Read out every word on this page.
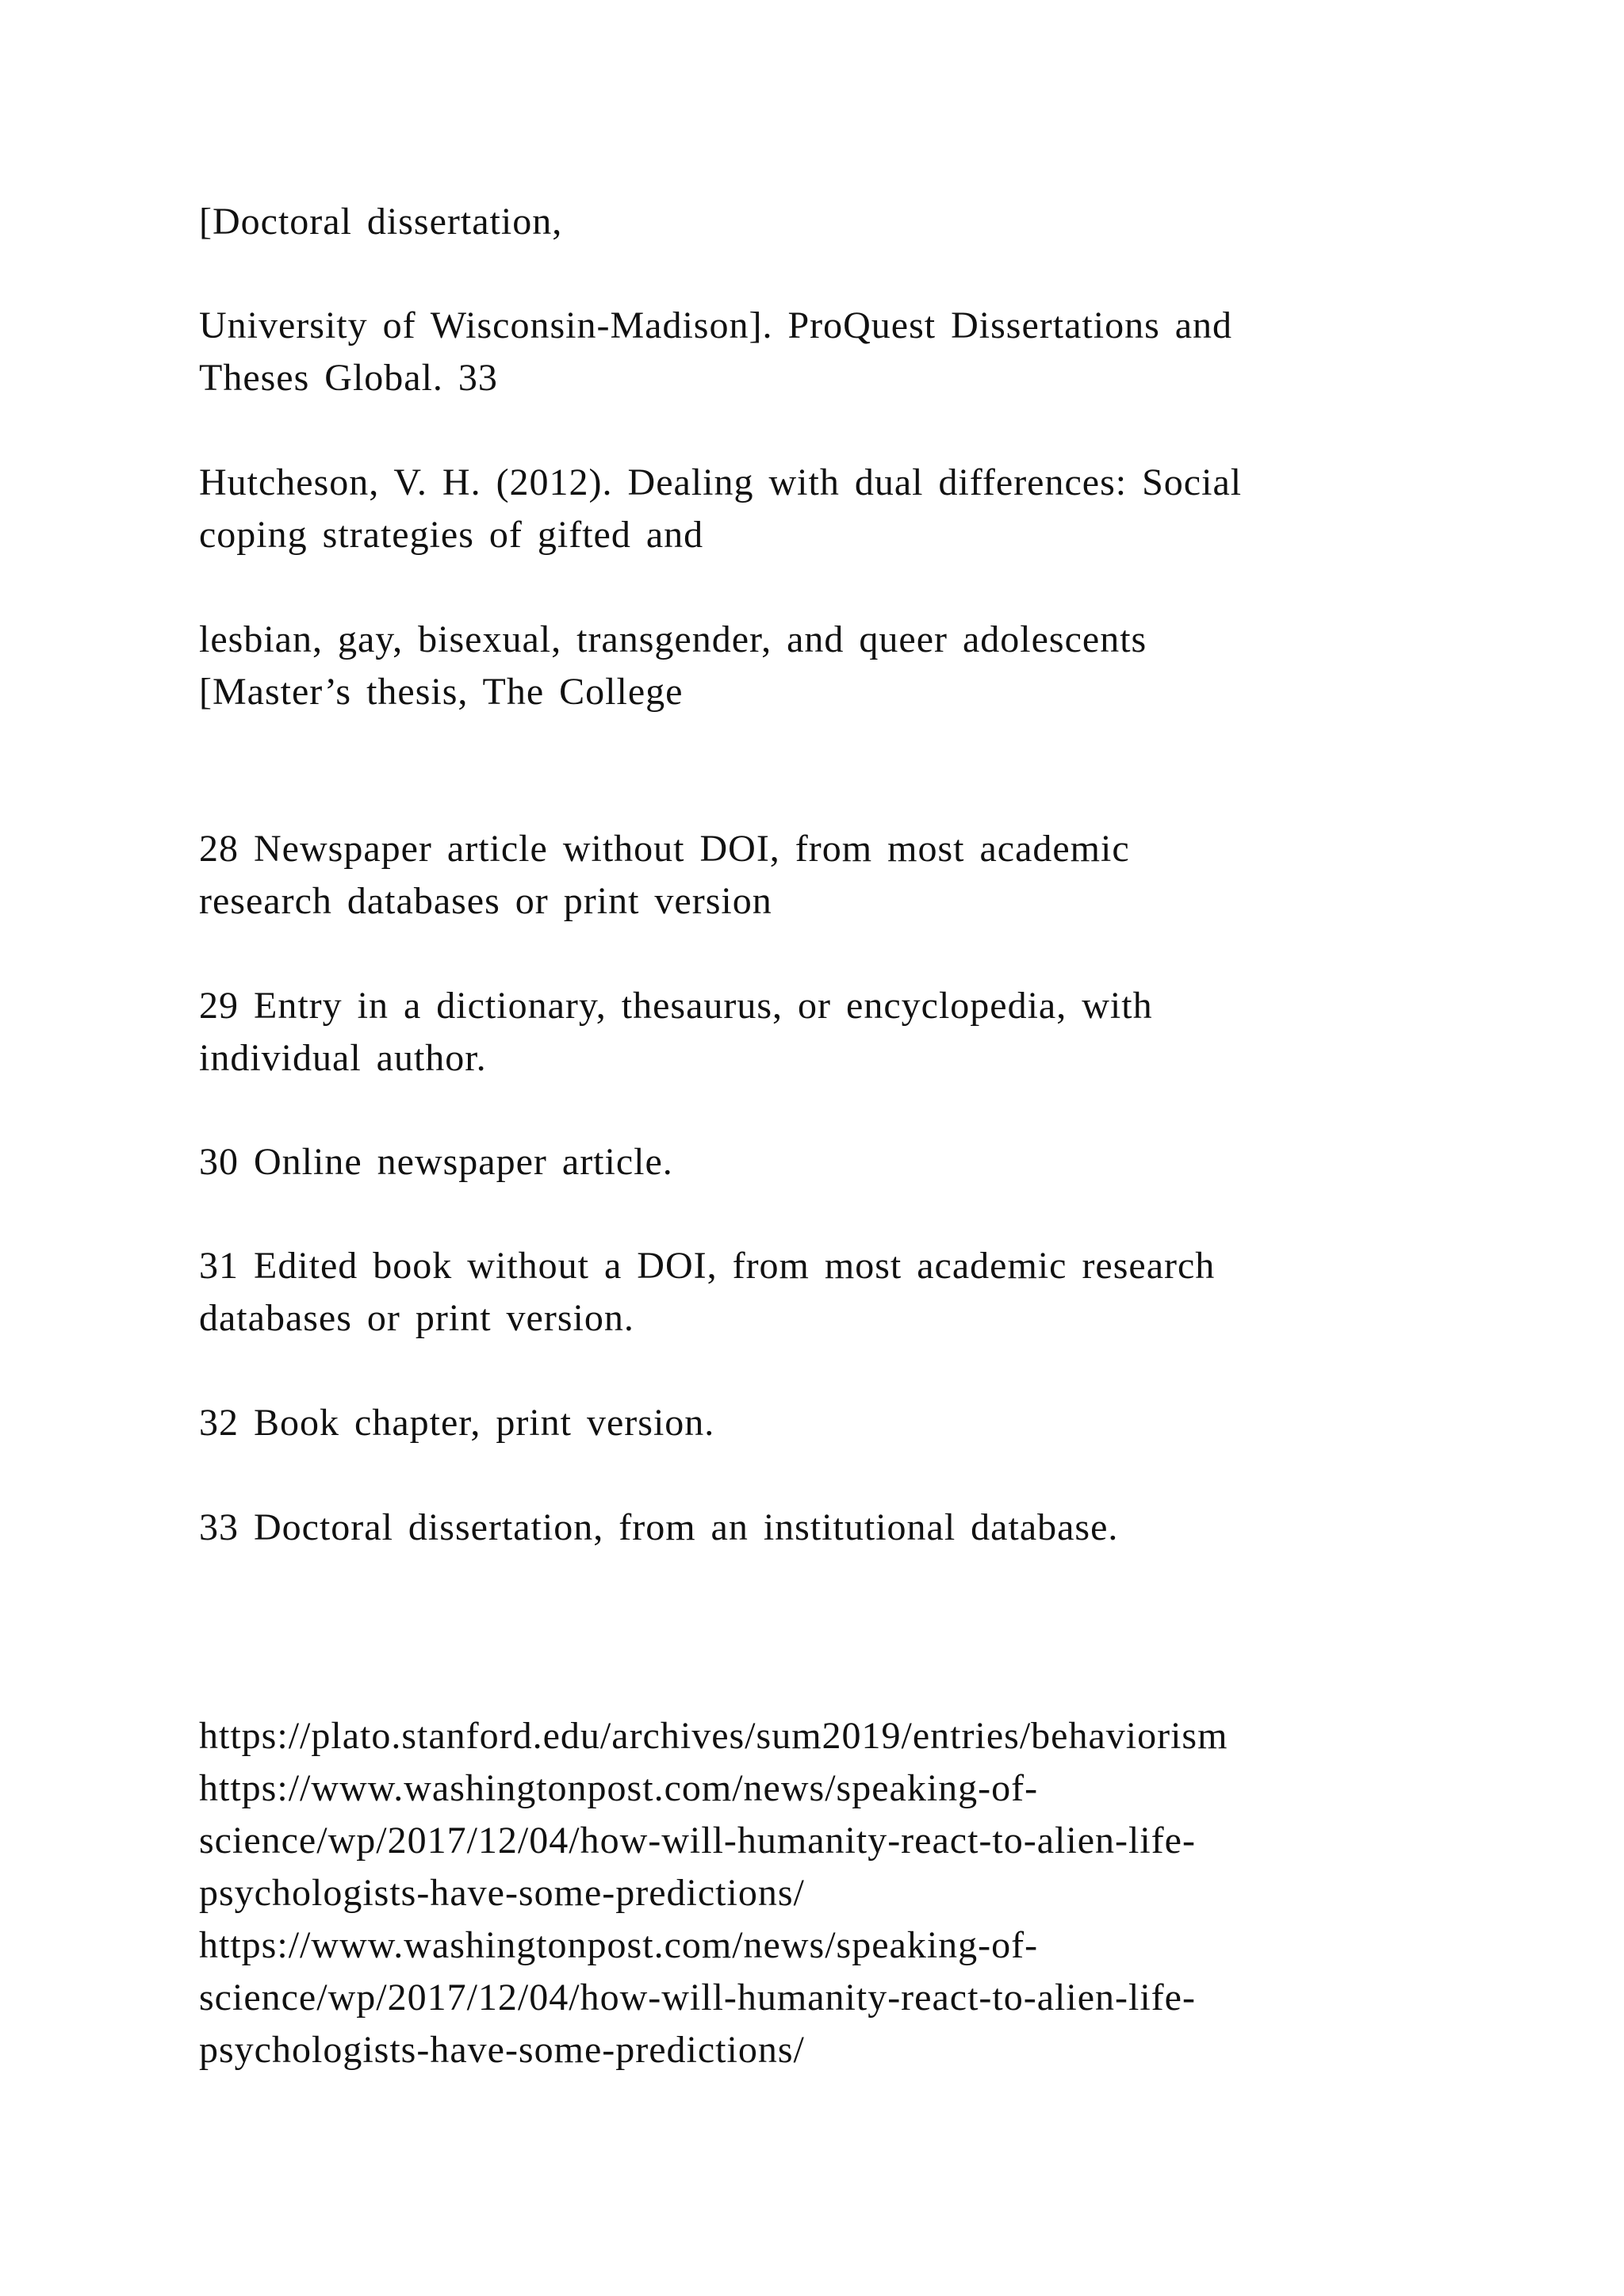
[Doctoral dissertation,

University of Wisconsin-Madison]. ProQuest Dissertations and
Theses Global. 33

Hutcheson, V. H. (2012). Dealing with dual differences: Social
coping strategies of gifted and

lesbian, gay, bisexual, transgender, and queer adolescents
[Master’s thesis, The College

28 Newspaper article without DOI, from most academic
research databases or print version

29 Entry in a dictionary, thesaurus, or encyclopedia, with
individual author.

30 Online newspaper article.

31 Edited book without a DOI, from most academic research
databases or print version.

32 Book chapter, print version.

33 Doctoral dissertation, from an institutional database.

https://plato.stanford.edu/archives/sum2019/entries/behaviorism
https://www.washingtonpost.com/news/speaking-of-
science/wp/2017/12/04/how-will-humanity-react-to-alien-life-
psychologists-have-some-predictions/
https://www.washingtonpost.com/news/speaking-of-
science/wp/2017/12/04/how-will-humanity-react-to-alien-life-
psychologists-have-some-predictions/
